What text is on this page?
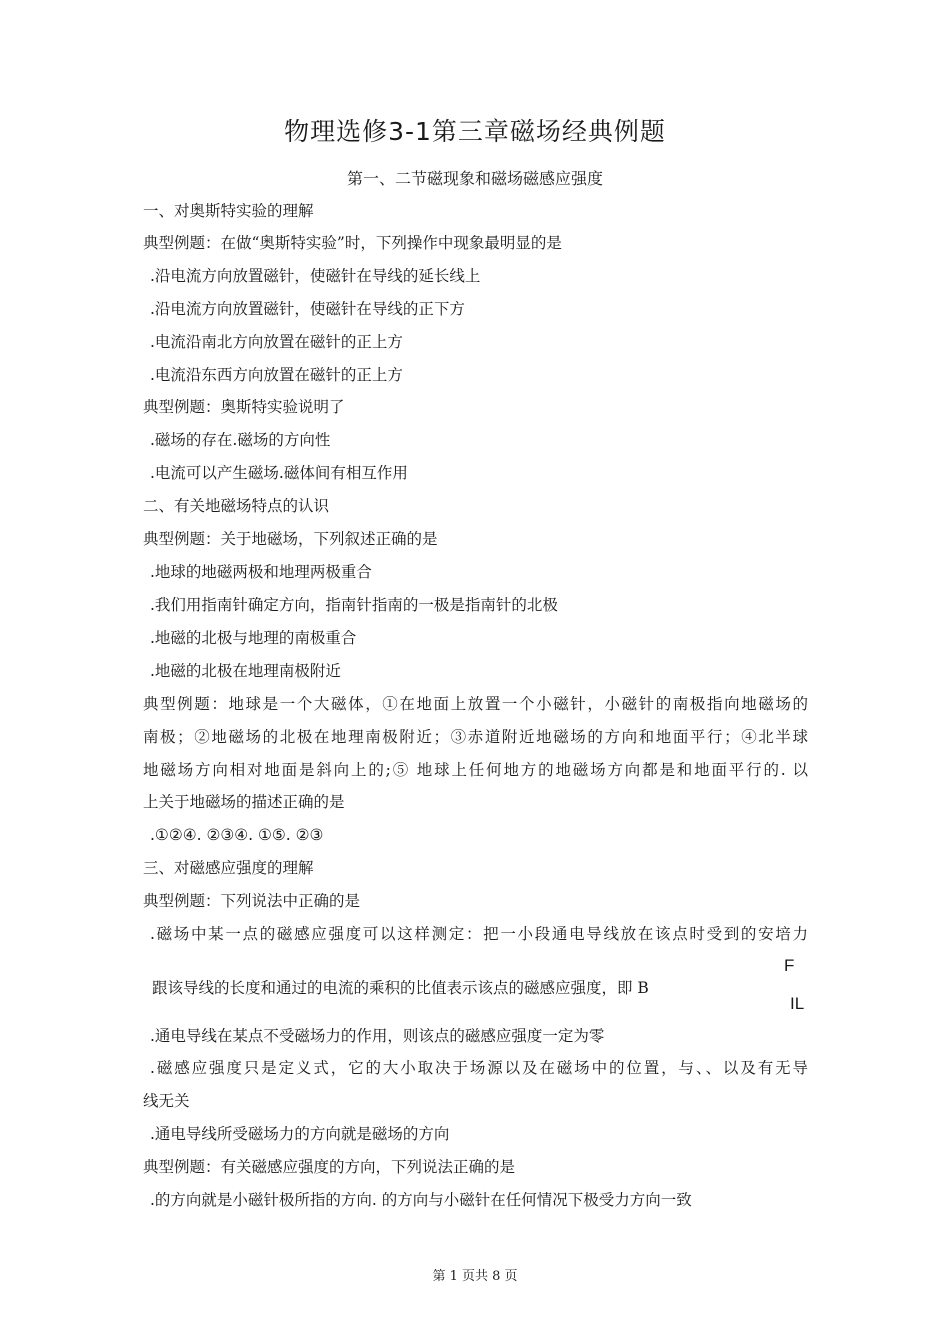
物理选修3-1第三章磁场经典例题
第一、二节磁现象和磁场磁感应强度
一、对奥斯特实验的理解
典型例题：在做“奥斯特实验”时，下列操作中现象最明显的是
.沿电流方向放置磁针，使磁针在导线的延长线上
.沿电流方向放置磁针，使磁针在导线的正下方
.电流沿南北方向放置在磁针的正上方
.电流沿东西方向放置在磁针的正上方
典型例题：奥斯特实验说明了
.磁场的存在.磁场的方向性
.电流可以产生磁场.磁体间有相互作用
二、有关地磁场特点的认识
典型例题：关于地磁场，下列叙述正确的是
.地球的地磁两极和地理两极重合
.我们用指南针确定方向，指南针指南的一极是指南针的北极
.地磁的北极与地理的南极重合
.地磁的北极在地理南极附近
典型例题：地球是一个大磁体，①在地面上放置一个小磁针，小磁针的南极指向地磁场的
南极；②地磁场的北极在地理南极附近；③赤道附近地磁场的方向和地面平行；④北半球
地磁场方向相对地面是斜向上的;⑤ 地球上任何地方的地磁场方向都是和地面平行的. 以
上关于地磁场的描述正确的是
.①②④. ②③④. ①⑤. ②③
三、对磁感应强度的理解
典型例题：下列说法中正确的是
.磁场中某一点的磁感应强度可以这样测定：把一小段通电导线放在该点时受到的安培力
跟该导线的长度和通过的电流的乘积的比值表示该点的磁感应强度，即 B
F
IL
.通电导线在某点不受磁场力的作用，则该点的磁感应强度一定为零
.磁感应强度只是定义式，它的大小取决于场源以及在磁场中的位置，与、、以及有无导
线无关
.通电导线所受磁场力的方向就是磁场的方向
典型例题：有关磁感应强度的方向，下列说法正确的是
.的方向就是小磁针极所指的方向. 的方向与小磁针在任何情况下极受力方向一致
第 1 页共 8 页
